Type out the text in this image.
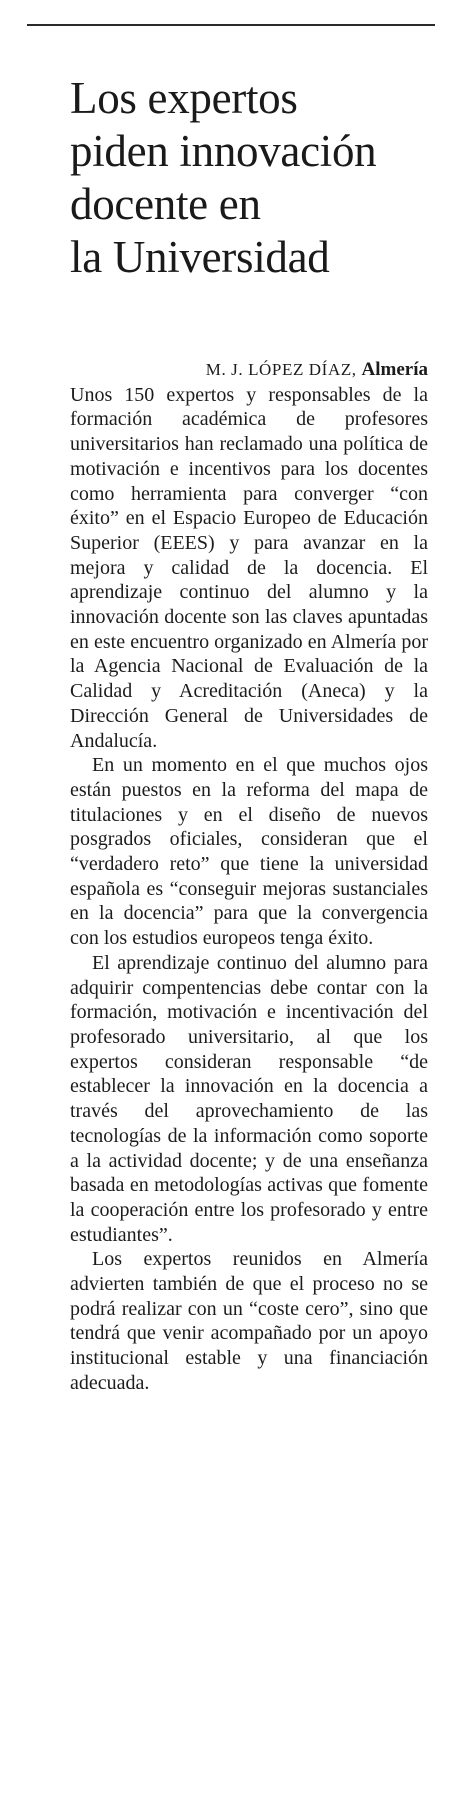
Los expertos
piden innovación
docente en
la Universidad
M. J. LÓPEZ DÍAZ, Almería

Unos 150 expertos y responsables de la formación académica de profesores universitarios han reclamado una política de motivación e incentivos para los docentes como herramienta para converger “con éxito” en el Espacio Europeo de Educación Superior (EEES) y para avanzar en la mejora y calidad de la docencia. El aprendizaje continuo del alumno y la innovación docente son las claves apuntadas en este encuentro organizado en Almería por la Agencia Nacional de Evaluación de la Calidad y Acreditación (Aneca) y la Dirección General de Universidades de Andalucía.

En un momento en el que muchos ojos están puestos en la reforma del mapa de titulaciones y en el diseño de nuevos posgrados oficiales, consideran que el “verdadero reto” que tiene la universidad española es “conseguir mejoras sustanciales en la docencia” para que la convergencia con los estudios europeos tenga éxito.

El aprendizaje continuo del alumno para adquirir compentencias debe contar con la formación, motivación e incentivación del profesorado universitario, al que los expertos consideran responsable “de establecer la innovación en la docencia a través del aprovechamiento de las tecnologías de la información como soporte a la actividad docente; y de una enseñanza basada en metodologías activas que fomente la cooperación entre los profesorado y entre estudiantes”.

Los expertos reunidos en Almería advierten también de que el proceso no se podrá realizar con un “coste cero”, sino que tendrá que venir acompañado por un apoyo institucional estable y una financiación adecuada.
